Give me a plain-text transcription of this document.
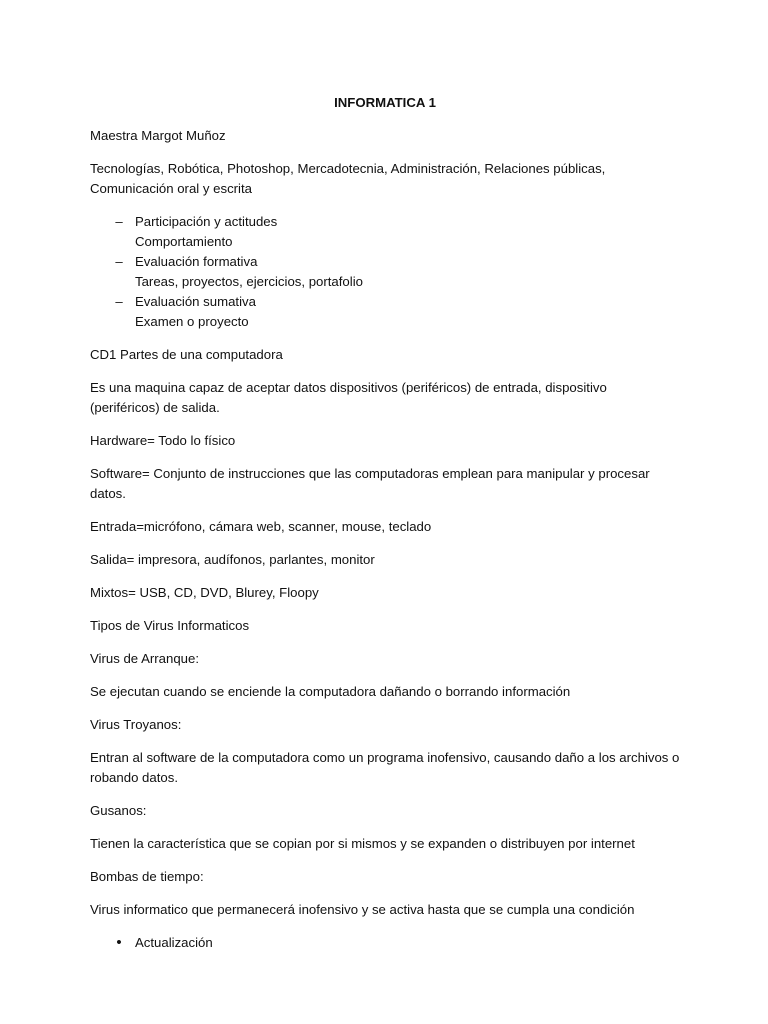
INFORMATICA 1

Maestra Margot Muñoz

Tecnologías, Robótica, Photoshop, Mercadotecnia, Administración, Relaciones públicas, Comunicación oral y escrita

– Participación y actitudes
Comportamiento
– Evaluación formativa
Tareas, proyectos, ejercicios, portafolio
– Evaluación sumativa
Examen o proyecto

CD1 Partes de una computadora

Es una maquina capaz de aceptar datos dispositivos (periféricos) de entrada, dispositivo (periféricos) de salida.

Hardware= Todo lo físico

Software= Conjunto de instrucciones que las computadoras emplean para manipular y procesar datos.

Entrada=micrófono, cámara web, scanner, mouse, teclado

Salida= impresora, audífonos, parlantes, monitor

Mixtos= USB, CD, DVD, Blurey, Floopy

Tipos de Virus Informaticos

Virus de Arranque:

Se ejecutan cuando se enciende la computadora dañando o borrando información

Virus Troyanos:

Entran al software de la computadora como un programa inofensivo, causando daño a los archivos o robando datos.

Gusanos:

Tienen la característica que se copian por si mismos y se expanden o distribuyen por internet

Bombas de tiempo:

Virus informatico que permanecerá inofensivo y se activa hasta que se cumpla una condición

•	Actualización
